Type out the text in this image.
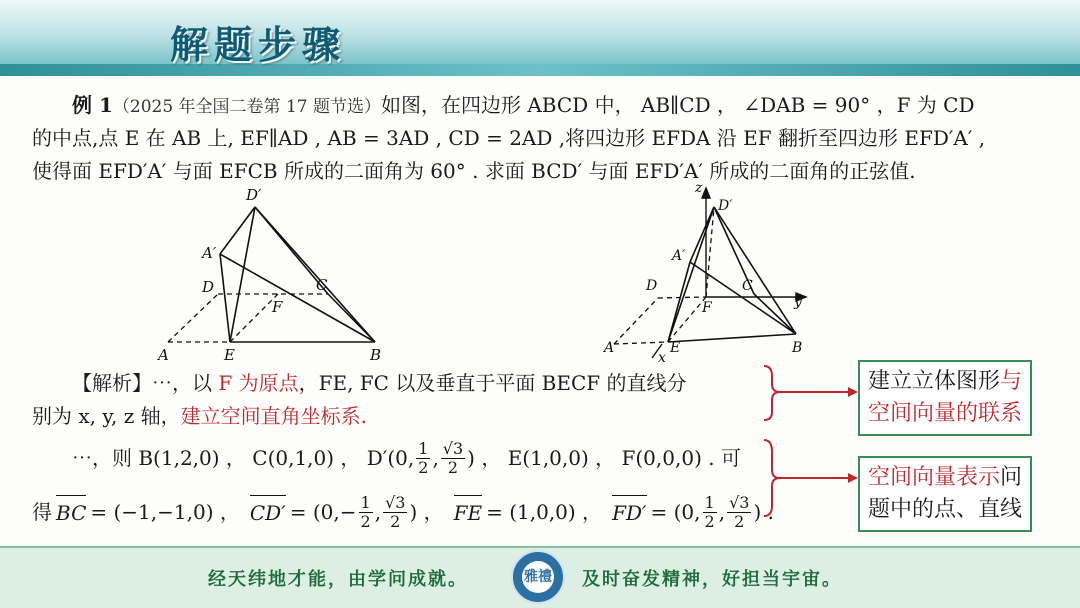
解题步骤
例 1（2025 年全国二卷第 17 题节选）如图，在四边形 ABCD 中， AB∥CD ， ∠DAB = 90° ，F 为 CD
的中点,点 E 在 AB 上, EF∥AD , AB = 3AD , CD = 2AD ,将四边形 EFDA 沿 EF 翻折至四边形 EFD′A′ ,
使得面 EFD′A′ 与面 EFCB 所成的二面角为 60° . 求面 BCD′ 与面 EFD′A′ 所成的二面角的正弦值.
D′
A′
D	C
F
A	E	B
z
D′
A′
D	C
F	y
A	E	B
x
【解析】⋯，以 F 为原点，FE, FC 以及垂直于平面 BECF 的直线分
别为 x, y, z 轴，建立空间直角坐标系.
⋯，则 B(1,2,0) ， C(0,1,0) ， D′(0, $\frac{1}{2}$ , $\frac{√3}{2}$ ) ， E(1,0,0) ， F(0,0,0) . 可
得 BC = (−1,−1,0) ， $CD' = (0,- \frac{1}{2}$ , $\frac{√3}{2}$ ) ， FE = (1,0,0) ， FD′ = (0, $\frac{1}{2}$ , $\frac{√3}{2}$ ) .
建立立体图形与
空间向量的联系
空间向量表示问
题中的点、直线
经天纬地才能，由学问成就。	雅禮 及时奋发精神，好担当宇宙。
